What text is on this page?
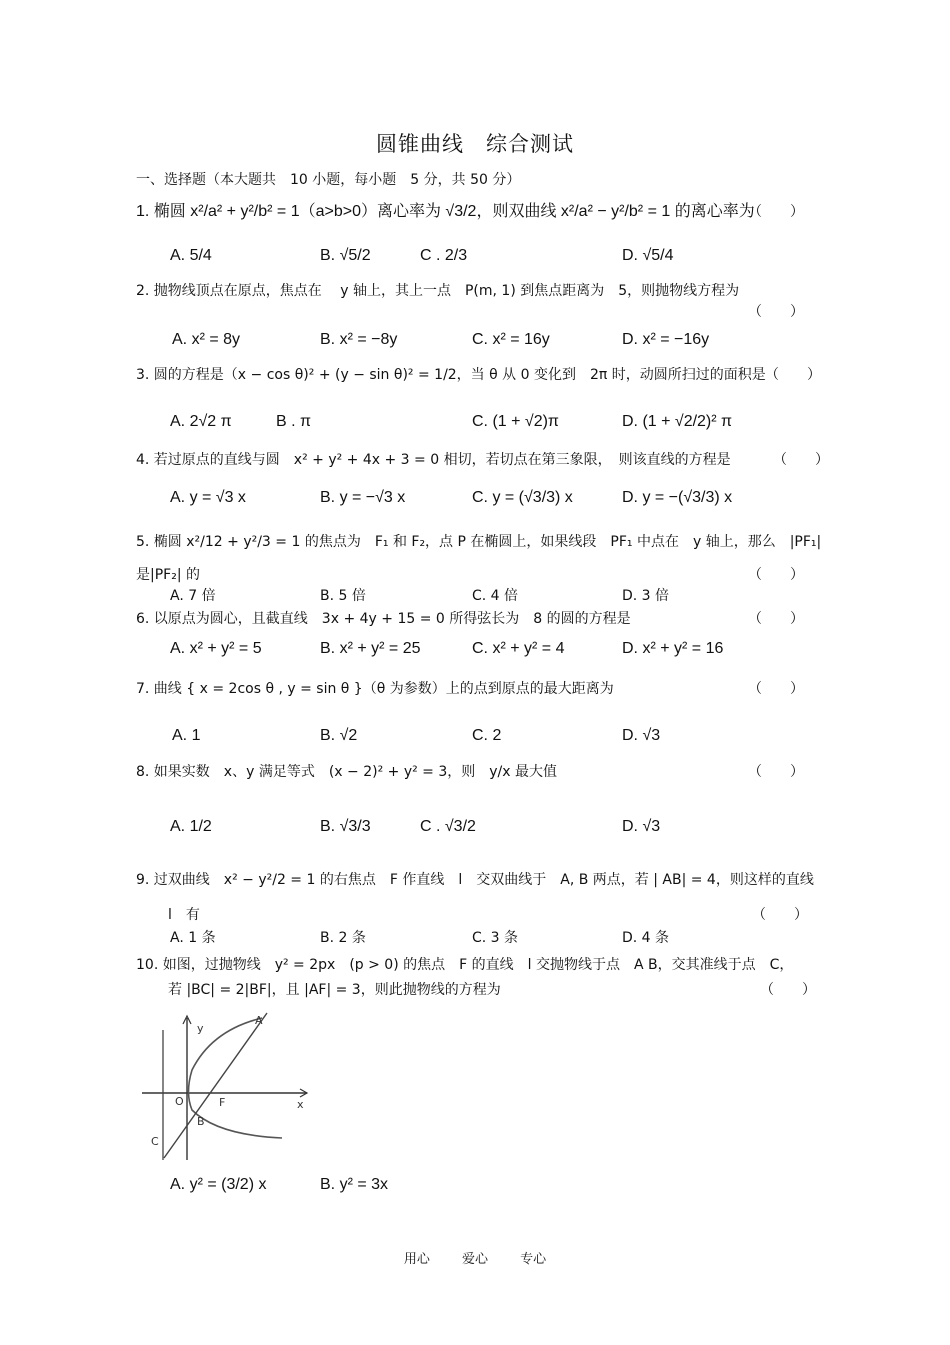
圆锥曲线　综合测试
一、选择题（本大题共　10 小题，每小题　5 分，共 50 分）
1. 椭圆 x²/a² + y²/b² = 1（a>b>0）离心率为 √3/2，则双曲线 x²/a² − y²/b² = 1 的离心率为
（　　）
A. 5/4	B. √5/2	C . 2/3	D. √5/4
2. 抛物线顶点在原点，焦点在　 y 轴上，其上一点　P(m, 1) 到焦点距离为　5，则抛物线方程为
（　　）
A. x² = 8y	B. x² = −8y	C. x² = 16y	D. x² = −16y
3. 圆的方程是（x − cos θ)² + (y − sin θ)² = 1/2，当 θ 从 0 变化到　2π 时，动圆所扫过的面积是 （　　）
A. 2√2 π	B . π	C. (1 + √2)π	D. (1 + √2/2)² π
4. 若过原点的直线与圆　x² + y² + 4x + 3 = 0 相切，若切点在第三象限，　则该直线的方程是	（　　）
A. y = √3 x	B. y = −√3 x	C. y = (√3/3) x	D. y = −(√3/3) x
5. 椭圆 x²/12 + y²/3 = 1 的焦点为　F₁ 和 F₂，点 P 在椭圆上，如果线段　PF₁ 中点在　y 轴上，那么　|PF₁|
是|PF₂| 的	（　　）
A. 7 倍	B. 5 倍	C. 4 倍	D. 3 倍
6. 以原点为圆心，且截直线　3x + 4y + 15 = 0 所得弦长为　8 的圆的方程是	（　　）
A. x² + y² = 5	B. x² + y² = 25	C. x² + y² = 4	D. x² + y² = 16
7. 曲线 { x = 2cos θ , y = sin θ }（θ 为参数）上的点到原点的最大距离为	（　　）
A. 1	B. √2	C. 2	D. √3
8. 如果实数　x、y 满足等式　(x − 2)² + y² = 3，则　y/x 最大值	（　　）
A. 1/2	B. √3/3	C . √3/2	D. √3
9. 过双曲线　x² − y²/2 = 1 的右焦点　F 作直线　l　交双曲线于　A, B 两点，若 | AB| = 4，则这样的直线
l　有	（　　）
A. 1 条	B. 2 条	C. 3 条	D. 4 条
10. 如图，过抛物线　y² = 2px　(p > 0) 的焦点　F 的直线　l 交抛物线于点　A B，交其准线于点　C，
若 |BC| = 2|BF|，且 |AF| = 3，则此抛物线的方程为	（　　）
y
x
O	F
A
B
C
A. y² = (3/2) x	B. y² = 3x
用心 爱心 专心
